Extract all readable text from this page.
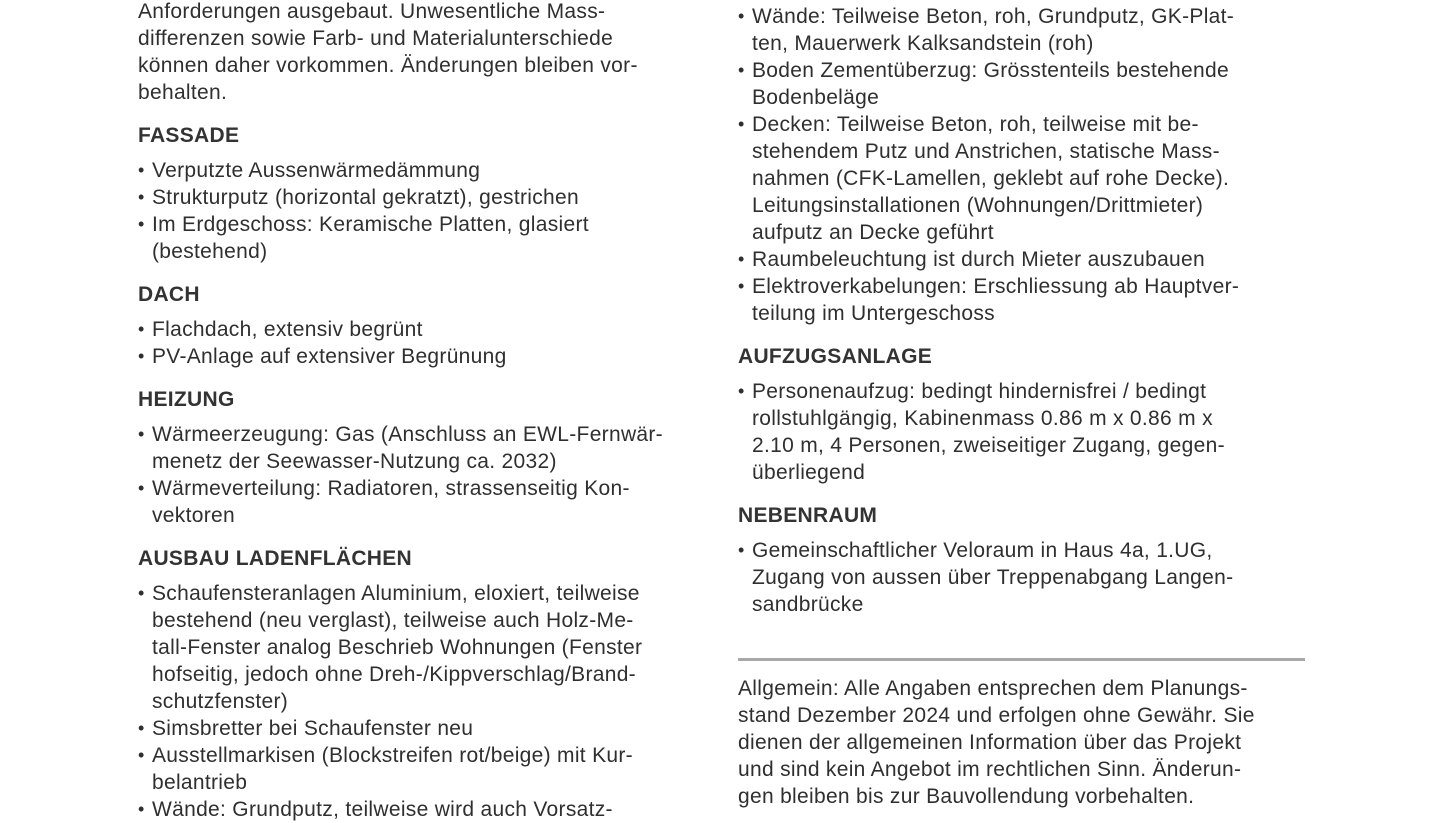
Anforderungen ausgebaut. Unwesentliche Mass-
differenzen sowie Farb- und Materialunterschiede
können daher vorkommen. Änderungen bleiben vor-
behalten.

FASSADE
• Verputzte Aussenwärmedämmung
• Strukturputz (horizontal gekratzt), gestrichen
• Im Erdgeschoss: Keramische Platten, glasiert
(bestehend)
DACH
• Flachdach, extensiv begrünt
• PV-Anlage auf extensiver Begrünung
HEIZUNG
• Wärmeerzeugung: Gas (Anschluss an EWL-Fernwär-
menetz der Seewasser-Nutzung ca. 2032)
• Wärmeverteilung: Radiatoren, strassenseitig Kon-
vektoren
AUSBAU LADENFLÄCHEN
• Schaufensteranlagen Aluminium, eloxiert, teilweise
bestehend (neu verglast), teilweise auch Holz-Me-
tall-Fenster analog Beschrieb Wohnungen (Fenster
hofseitig, jedoch ohne Dreh-/Kippverschlag/Brand-
schutzfenster)
• Simsbretter bei Schaufenster neu
• Ausstellmarkisen (Blockstreifen rot/beige) mit Kur-
belantrieb
• Wände: Grundputz, teilweise wird auch Vorsatz-
• Wände: Teilweise Beton, roh, Grundputz, GK-Plat-
ten, Mauerwerk Kalksandstein (roh)
• Boden Zementüberzug: Grösstenteils bestehende
Bodenbeläge
• Decken: Teilweise Beton, roh, teilweise mit be-
stehendem Putz und Anstrichen, statische Mass-
nahmen (CFK-Lamellen, geklebt auf rohe Decke).
Leitungsinstallationen (Wohnungen/Drittmieter)
aufputz an Decke geführt
• Raumbeleuchtung ist durch Mieter auszubauen
• Elektroverkabelungen: Erschliessung ab Hauptver-
teilung im Untergeschoss
AUFZUGSANLAGE
• Personenaufzug: bedingt hindernisfrei / bedingt
rollstuhlgängig, Kabinenmass 0.86 m x 0.86 m x
2.10 m, 4 Personen, zweiseitiger Zugang, gegen-
überliegend
NEBENRAUM
• Gemeinschaftlicher Veloraum in Haus 4a, 1.UG,
Zugang von aussen über Treppenabgang Langen-
sandbrücke

Allgemein: Alle Angaben entsprechen dem Planungs-
stand Dezember 2024 und erfolgen ohne Gewähr. Sie
dienen der allgemeinen Information über das Projekt
und sind kein Angebot im rechtlichen Sinn. Änderun-
gen bleiben bis zur Bauvollendung vorbehalten.
